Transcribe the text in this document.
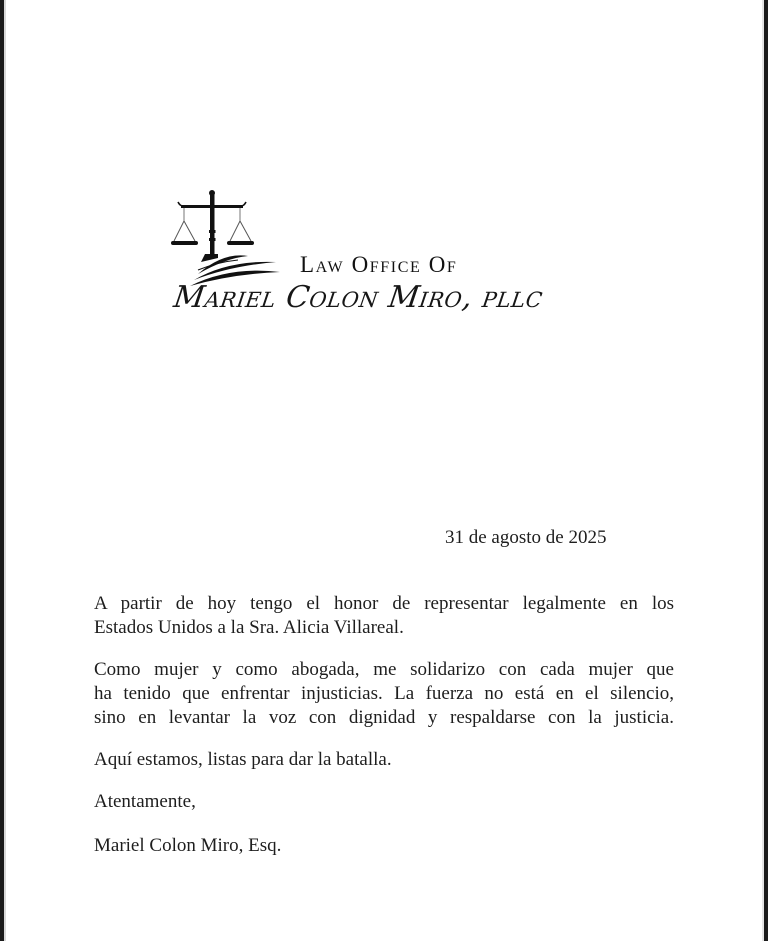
Law Office Of
Mariel Colon Miro, pllc
31 de agosto de 2025

A partir de hoy tengo el honor de representar legalmente en los
Estados Unidos a la Sra. Alicia Villareal.

Como mujer y como abogada, me solidarizo con cada mujer que
ha tenido que enfrentar injusticias. La fuerza no está en el silencio,
sino en levantar la voz con dignidad y respaldarse con la justicia.

Aquí estamos, listas para dar la batalla.

Atentamente,

Mariel Colon Miro, Esq.
